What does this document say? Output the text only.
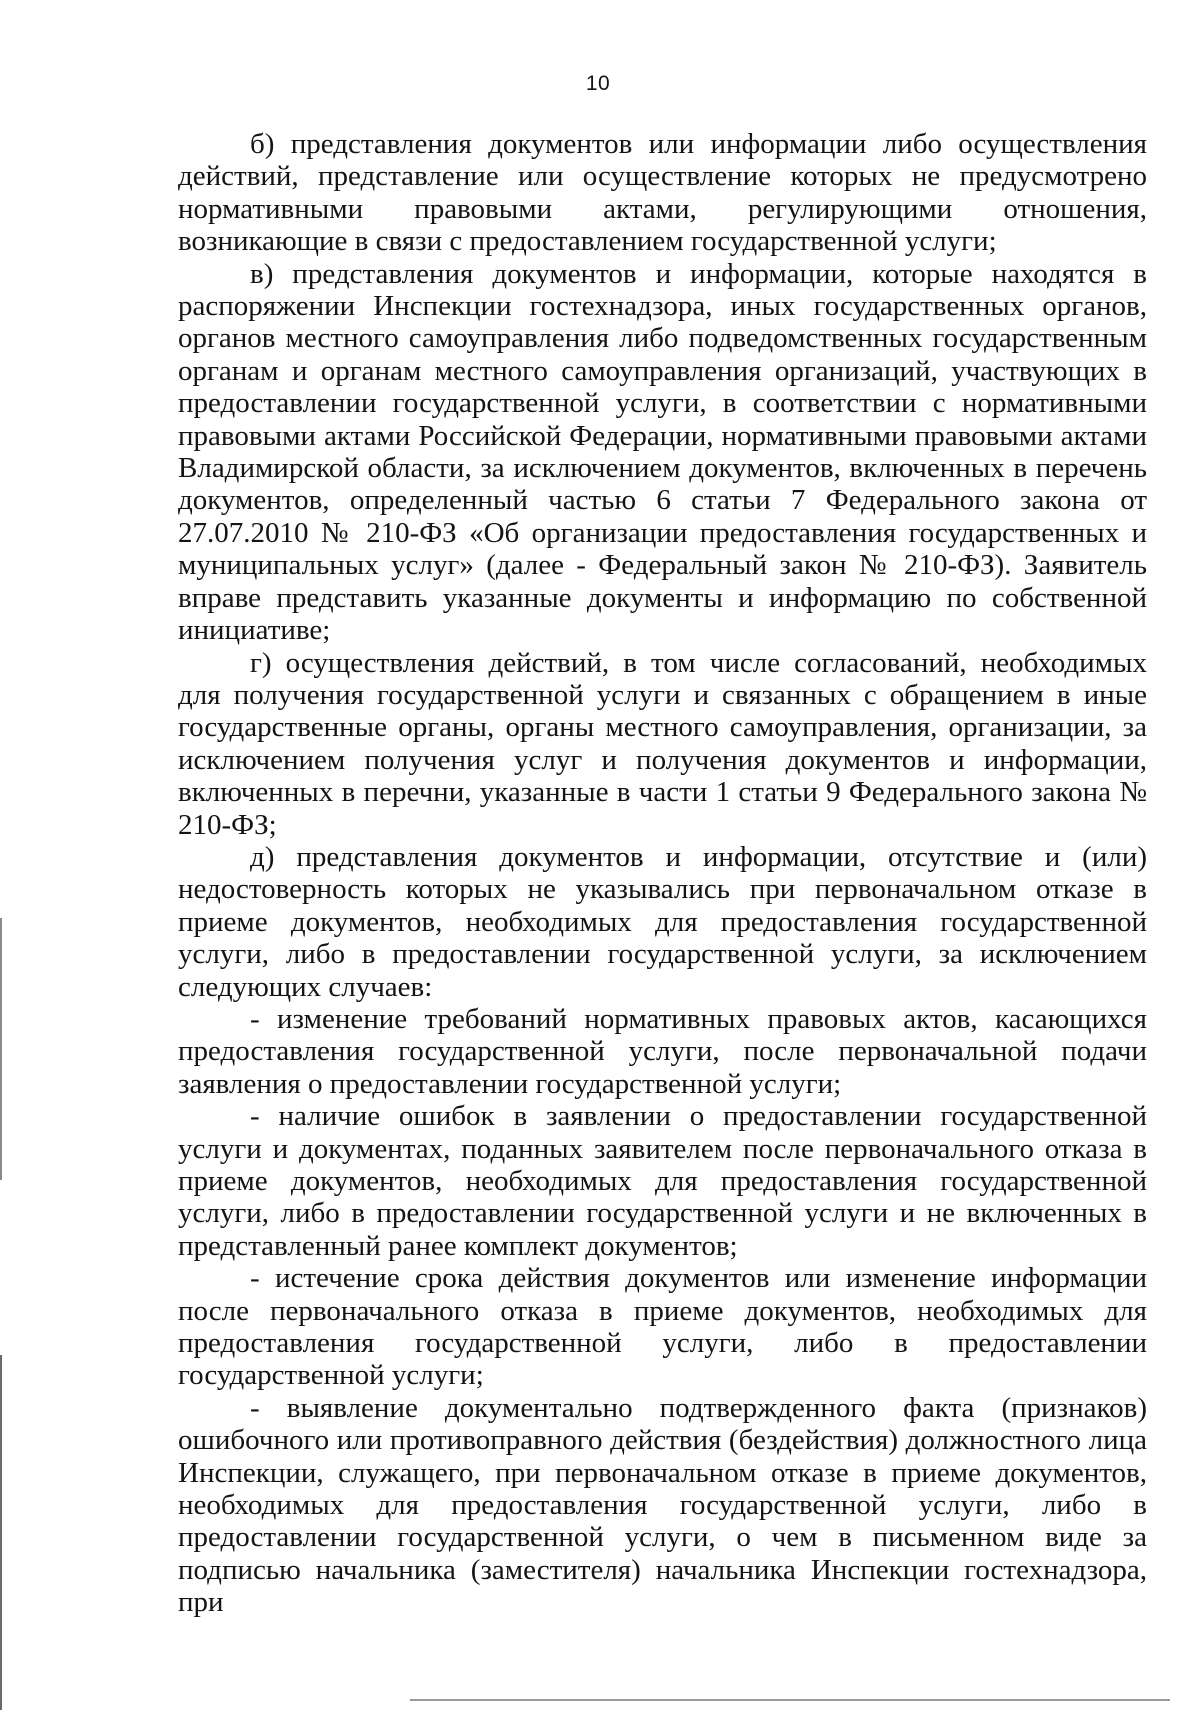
10

б) представления документов или информации либо осуществления действий, представление или осуществление которых не предусмотрено нормативными правовыми актами, регулирующими отношения, возникающие в связи с предоставлением государственной услуги;

в) представления документов и информации, которые находятся в распоряжении Инспекции гостехнадзора, иных государственных органов, органов местного самоуправления либо подведомственных государственным органам и органам местного самоуправления организаций, участвующих в предоставлении государственной услуги, в соответствии с нормативными правовыми актами Российской Федерации, нормативными правовыми актами Владимирской области, за исключением документов, включенных в перечень документов, определенный частью 6 статьи 7 Федерального закона от 27.07.2010 № 210-ФЗ «Об организации предоставления государственных и муниципальных услуг» (далее - Федеральный закон № 210-ФЗ). Заявитель вправе представить указанные документы и информацию по собственной инициативе;

г) осуществления действий, в том числе согласований, необходимых для получения государственной услуги и связанных с обращением в иные государственные органы, органы местного самоуправления, организации, за исключением получения услуг и получения документов и информации, включенных в перечни, указанные в части 1 статьи 9 Федерального закона № 210-ФЗ;

д) представления документов и информации, отсутствие и (или) недостоверность которых не указывались при первоначальном отказе в приеме документов, необходимых для предоставления государственной услуги, либо в предоставлении государственной услуги, за исключением следующих случаев:

- изменение требований нормативных правовых актов, касающихся предоставления государственной услуги, после первоначальной подачи заявления о предоставлении государственной услуги;

- наличие ошибок в заявлении о предоставлении государственной услуги и документах, поданных заявителем после первоначального отказа в приеме документов, необходимых для предоставления государственной услуги, либо в предоставлении государственной услуги и не включенных в представленный ранее комплект документов;

- истечение срока действия документов или изменение информации после первоначального отказа в приеме документов, необходимых для предоставления государственной услуги, либо в предоставлении государственной услуги;

- выявление документально подтвержденного факта (признаков) ошибочного или противоправного действия (бездействия) должностного лица Инспекции, служащего, при первоначальном отказе в приеме документов, необходимых для предоставления государственной услуги, либо в предоставлении государственной услуги, о чем в письменном виде за подписью начальника (заместителя) начальника Инспекции гостехнадзора, при
